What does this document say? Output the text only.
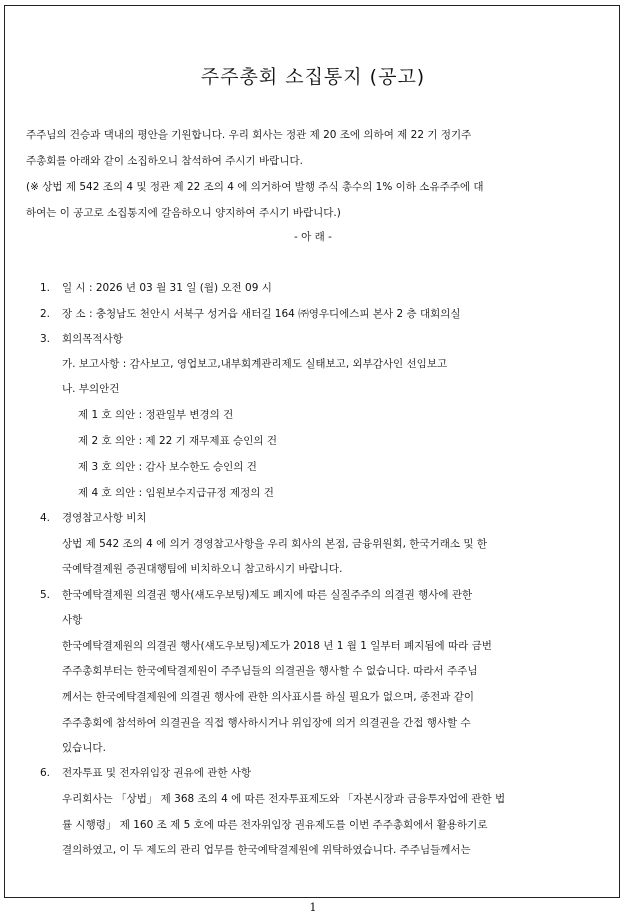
주주총회 소집통지 (공고)
주주님의 건승과 댁내의 평안을 기원합니다. 우리 회사는 정관 제 20 조에 의하여 제 22 기 정기주
주총회를 아래와 같이 소집하오니 참석하여 주시기 바랍니다.
(※ 상법 제 542 조의 4 및 정관 제 22 조의 4 에 의거하여 발행 주식 총수의 1% 이하 소유주주에 대
하여는 이 공고로 소집통지에 갈음하오니 양지하여 주시기 바랍니다.)
- 아 래 -
1. 일 시 : 2026 년 03 월 31 일 (월) 오전 09 시
2. 장 소 : 충청남도 천안시 서북구 성거읍 새터길 164 ㈜영우디에스피 본사 2 층 대회의실
3. 회의목적사항
가. 보고사항 : 감사보고, 영업보고,내부회계관리제도 실태보고, 외부감사인 선임보고
나. 부의안건
제 1 호 의안 : 정관일부 변경의 건
제 2 호 의안 : 제 22 기 재무제표 승인의 건
제 3 호 의안 : 감사 보수한도 승인의 건
제 4 호 의안 : 임원보수지급규정 제정의 건
4. 경영참고사항 비치
상법 제 542 조의 4 에 의거 경영참고사항을 우리 회사의 본점, 금융위원회, 한국거래소 및 한
국예탁결제원 증권대행팀에 비치하오니 참고하시기 바랍니다.
5. 한국예탁결제원 의결권 행사(섀도우보팅)제도 폐지에 따른 실질주주의 의결권 행사에 관한
사항
한국예탁결제원의 의결권 행사(섀도우보팅)제도가 2018 년 1 월 1 일부터 폐지됨에 따라 금번
주주총회부터는 한국예탁결제원이 주주님들의 의결권을 행사할 수 없습니다. 따라서 주주님
께서는 한국예탁결제원에 의결권 행사에 관한 의사표시를 하실 필요가 없으며, 종전과 같이
주주총회에 참석하여 의결권을 직접 행사하시거나 위임장에 의거 의결권을 간접 행사할 수
있습니다.
6. 전자투표 및 전자위임장 권유에 관한 사항
우리회사는 「상법」 제 368 조의 4 에 따른 전자투표제도와 「자본시장과 금융투자업에 관한 법
률 시행령」 제 160 조 제 5 호에 따른 전자위임장 권유제도를 이번 주주총회에서 활용하기로
결의하였고, 이 두 제도의 관리 업무를 한국예탁결제원에 위탁하였습니다. 주주님들께서는
1
